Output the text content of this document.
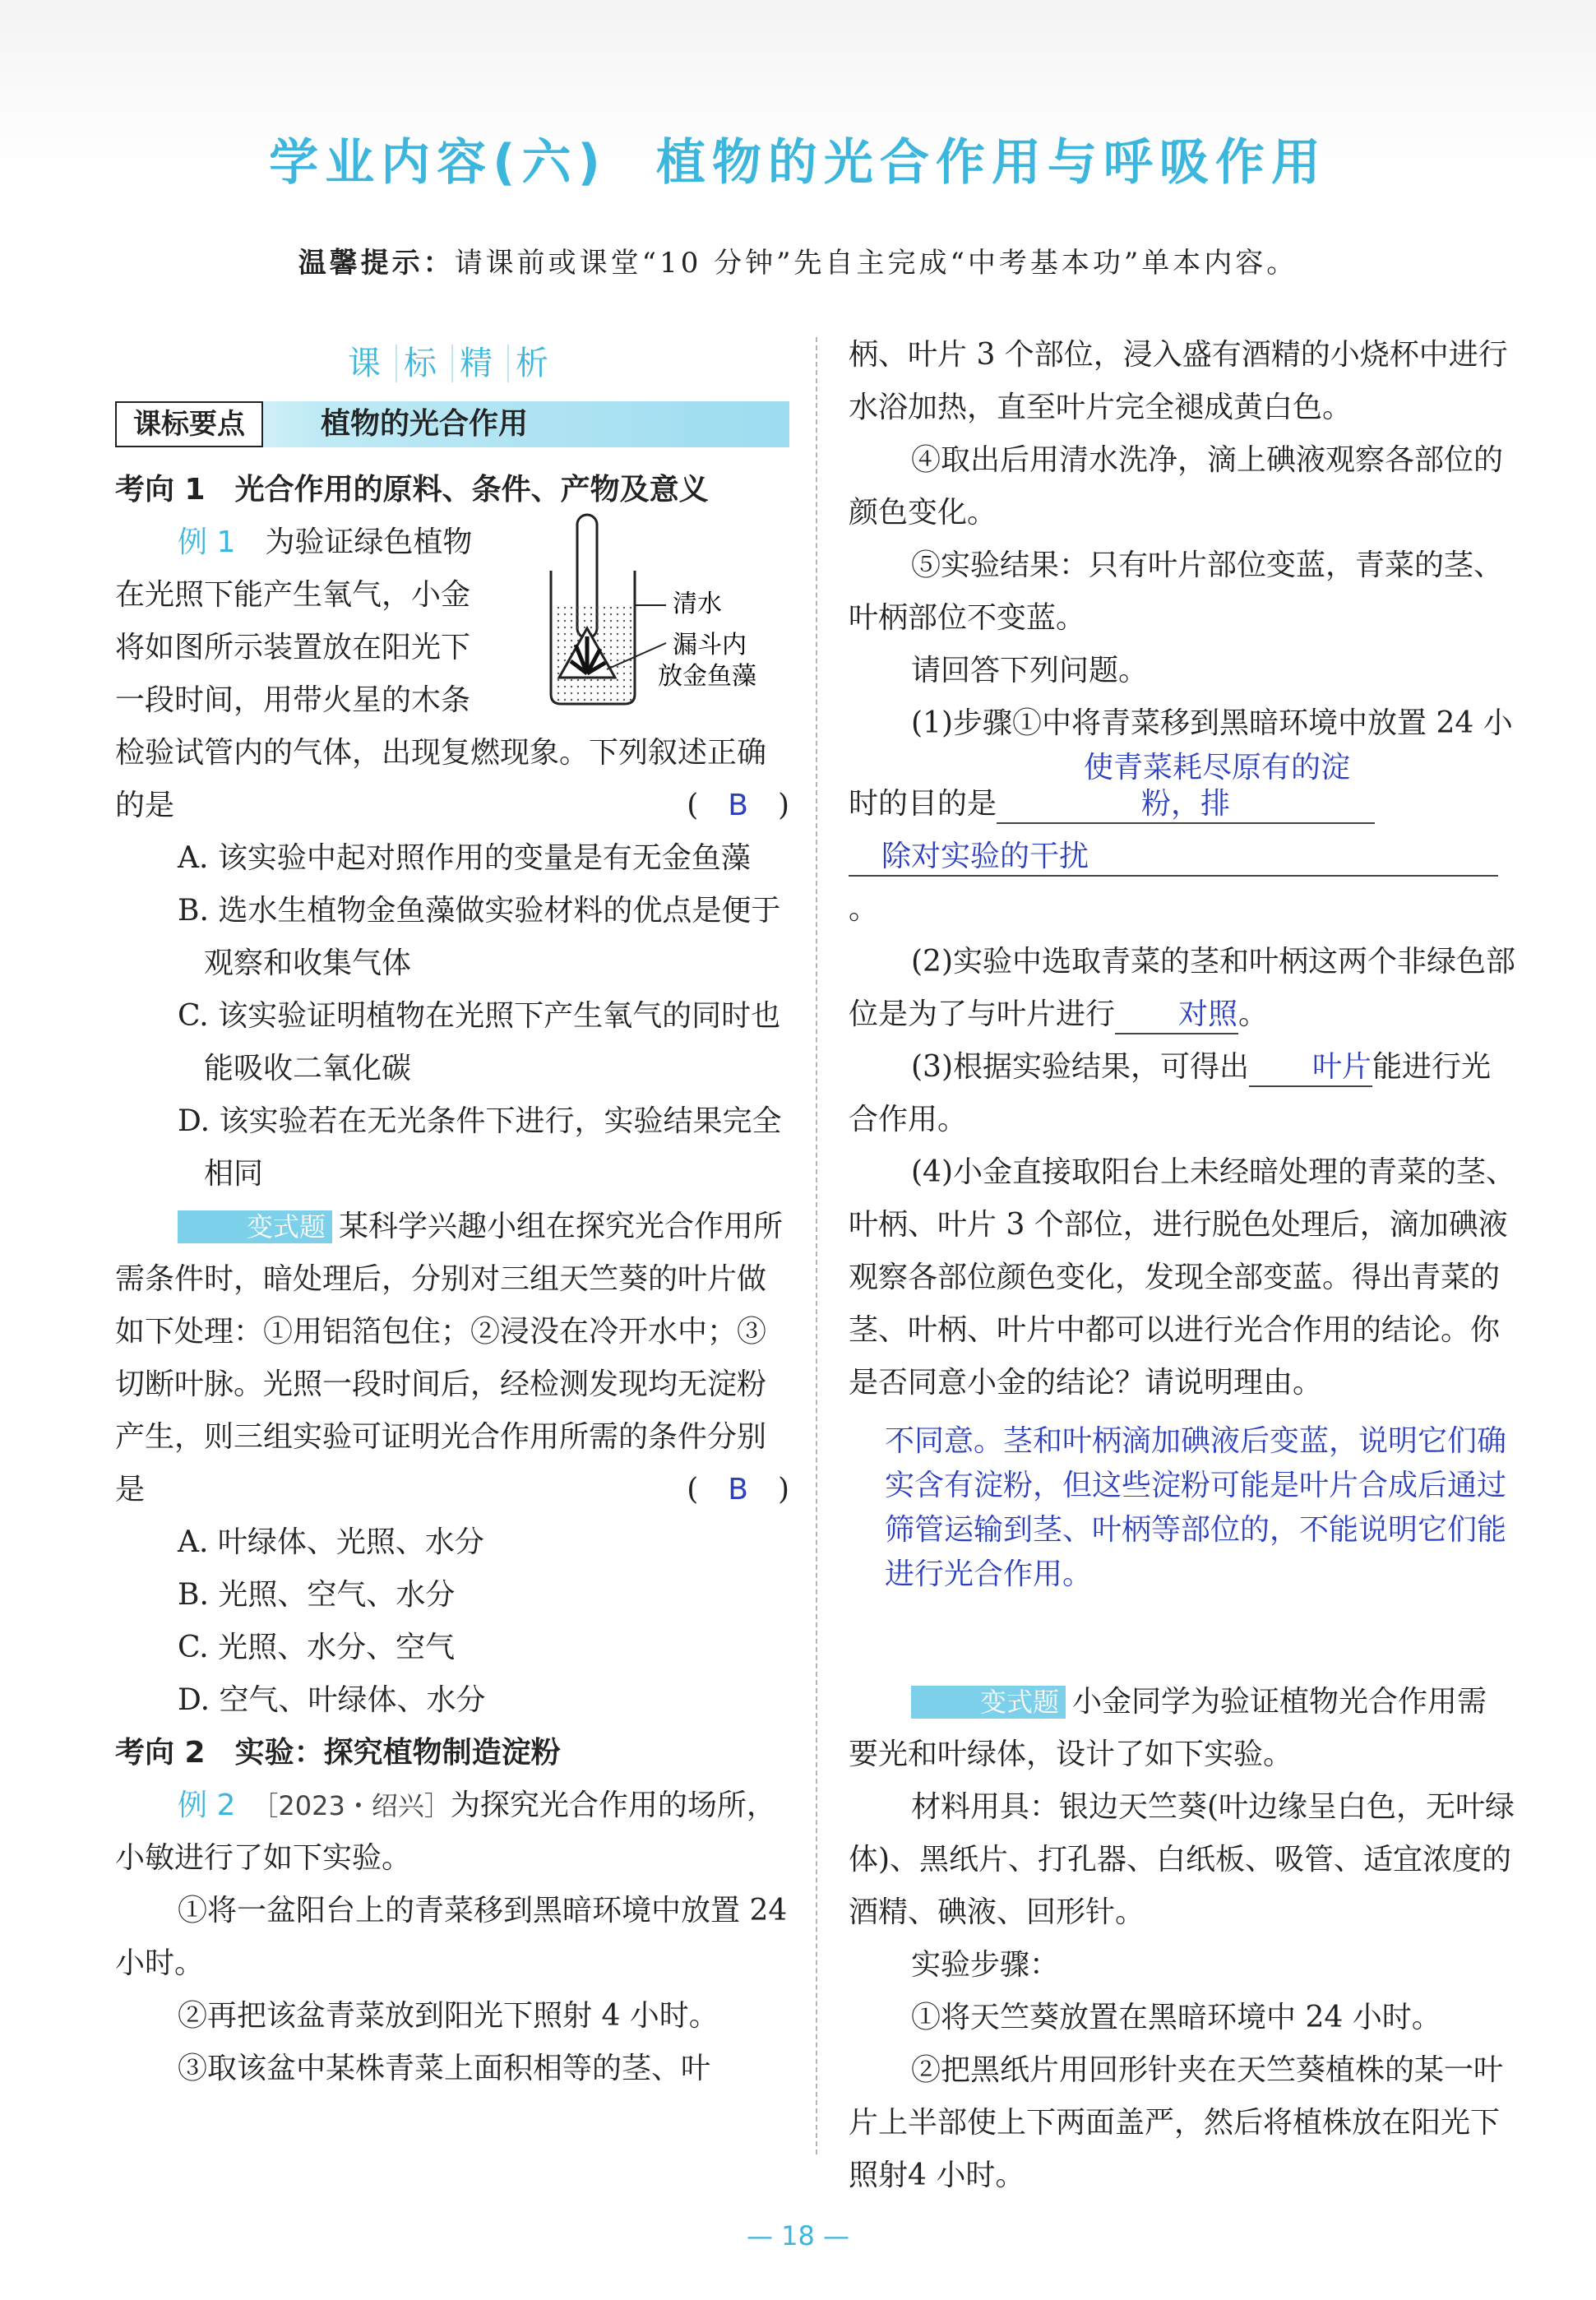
学业内容(六) 植物的光合作用与呼吸作用
温馨提示：请课前或课堂“10 分钟”先自主完成“中考基本功”单本内容。
课 标 精 析
课标要点	植物的光合作用

考向 1　光合作用的原料、条件、产物及意义

清水
漏斗内
放金鱼藻

例 1　 为验证绿色植物

在光照下能产生氧气，小金

将如图所示装置放在阳光下

一段时间，用带火星的木条

检验试管内的气体，出现复燃现象。下列叙述正确的是	(　B　)

A. 该实验中起对照作用的变量是有无金鱼藻

B. 选水生植物金鱼藻做实验材料的优点是便于观察和收集气体

C. 该实验证明植物在光照下产生氧气的同时也能吸收二氧化碳

D. 该实验若在无光条件下进行，实验结果完全相同

变式题 某科学兴趣小组在探究光合作用所需条件时，暗处理后，分别对三组天竺葵的叶片做如下处理：①用铝箔包住；②浸没在冷开水中；③切断叶脉。光照一段时间后，经检测发现均无淀粉产生，则三组实验可证明光合作用所需的条件分别是	(　B　)

A. 叶绿体、光照、水分

B. 光照、空气、水分

C. 光照、水分、空气

D. 空气、叶绿体、水分

考向 2　实验：探究植物制造淀粉

例 2　 ［2023・绍兴］为探究光合作用的场所，小敏进行了如下实验。

①将一盆阳台上的青菜移到黑暗环境中放置 24 小时。

②再把该盆青菜放到阳光下照射 4 小时。

③取该盆中某株青菜上面积相等的茎、叶

柄、叶片 3 个部位，浸入盛有酒精的小烧杯中进行水浴加热，直至叶片完全褪成黄白色。

④取出后用清水洗净，滴上碘液观察各部位的颜色变化。

⑤实验结果：只有叶片部位变蓝，青菜的茎、叶柄部位不变蓝。

请回答下列问题。

(1)步骤①中将青菜移到黑暗环境中放置 24 小时的目的是使青菜耗尽原有的淀粉，排

除对实验的干扰。

(2)实验中选取青菜的茎和叶柄这两个非绿色部位是为了与叶片进行 对照。

(3)根据实验结果，可得出 叶片能进行光合作用。

(4)小金直接取阳台上未经暗处理的青菜的茎、叶柄、叶片 3 个部位，进行脱色处理后，滴加碘液观察各部位颜色变化，发现全部变蓝。得出青菜的茎、叶柄、叶片中都可以进行光合作用的结论。你是否同意小金的结论？请说明理由。

不同意。茎和叶柄滴加碘液后变蓝，说明它们确实含有淀粉，但这些淀粉可能是叶片合成后通过筛管运输到茎、叶柄等部位的，不能说明它们能进行光合作用。

变式题 小金同学为验证植物光合作用需要光和叶绿体，设计了如下实验。

材料用具：银边天竺葵(叶边缘呈白色，无叶绿体)、黑纸片、打孔器、白纸板、吸管、适宜浓度的酒精、碘液、回形针。

实验步骤：

①将天竺葵放置在黑暗环境中 24 小时。

②把黑纸片用回形针夹在天竺葵植株的某一叶片上半部使上下两面盖严，然后将植株放在阳光下照射4 小时。

— 18 —
